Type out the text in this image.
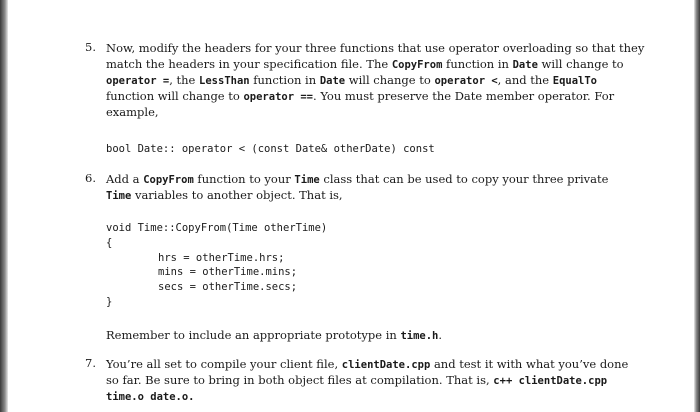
5. Now, modify the headers for your three functions that use operator overloading so that they
match the headers in your specification file. The CopyFrom function in Date will change to
operator =, the LessThan function in Date will change to operator <, and the EqualTo
function will change to operator ==. You must preserve the Date member operator. For
example,
bool Date:: operator < (const Date& otherDate) const
6. Add a CopyFrom function to your Time class that can be used to copy your three private
Time variables to another object. That is,
void Time::CopyFrom(Time otherTime)
{
hrs = otherTime.hrs;
mins = otherTime.mins;
secs = otherTime.secs;
}
Remember to include an appropriate prototype in time.h.
7. You’re all set to compile your client file, clientDate.cpp and test it with what you’ve done
so far. Be sure to bring in both object files at compilation. That is, c++ clientDate.cpp
time.o date.o.
